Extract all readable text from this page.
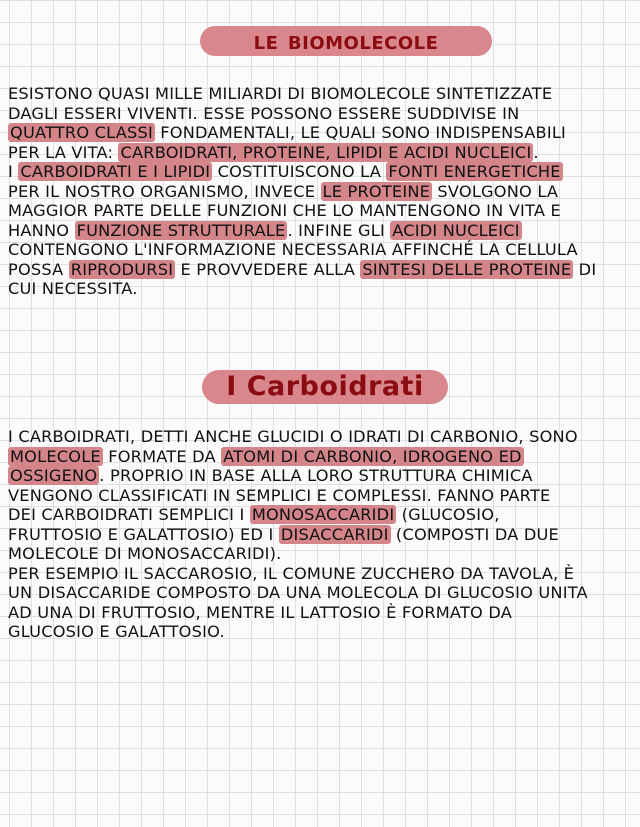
le biomolecole
ESISTONO QUASI MILLE MILIARDI DI BIOMOLECOLE SINTETIZZATE
DAGLI ESSERI VIVENTI. ESSE POSSONO ESSERE SUDDIVISE IN
QUATTRO CLASSI FONDAMENTALI, LE QUALI SONO INDISPENSABILI
PER LA VITA: CARBOIDRATI, PROTEINE, LIPIDI E ACIDI NUCLEICI .
I CARBOIDRATI E I LIPIDI COSTITUISCONO LA FONTI ENERGETICHE
PER IL NOSTRO ORGANISMO, INVECE LE PROTEINE SVOLGONO LA
MAGGIOR PARTE DELLE FUNZIONI CHE LO MANTENGONO IN VITA E
HANNO FUNZIONE STRUTTURALE . INFINE GLI ACIDI NUCLEICI
CONTENGONO L'INFORMAZIONE NECESSARIA AFFINCHÉ LA CELLULA
POSSA RIPRODURSI E PROVVEDERE ALLA SINTESI DELLE PROTEINE DI
CUI NECESSITA.
I Carboidrati
I CARBOIDRATI, DETTI ANCHE GLUCIDI O IDRATI DI CARBONIO, SONO
MOLECOLE FORMATE DA ATOMI DI CARBONIO, IDROGENO ED
OSSIGENO . PROPRIO IN BASE ALLA LORO STRUTTURA CHIMICA
VENGONO CLASSIFICATI IN SEMPLICI E COMPLESSI. FANNO PARTE
DEI CARBOIDRATI SEMPLICI I MONOSACCARIDI (GLUCOSIO,
FRUTTOSIO E GALATTOSIO) ED I DISACCARIDI (COMPOSTI DA DUE
MOLECOLE DI MONOSACCARIDI).
PER ESEMPIO IL SACCAROSIO, IL COMUNE ZUCCHERO DA TAVOLA, È
UN DISACCARIDE COMPOSTO DA UNA MOLECOLA DI GLUCOSIO UNITA
AD UNA DI FRUTTOSIO, MENTRE IL LATTOSIO È FORMATO DA
GLUCOSIO E GALATTOSIO.
